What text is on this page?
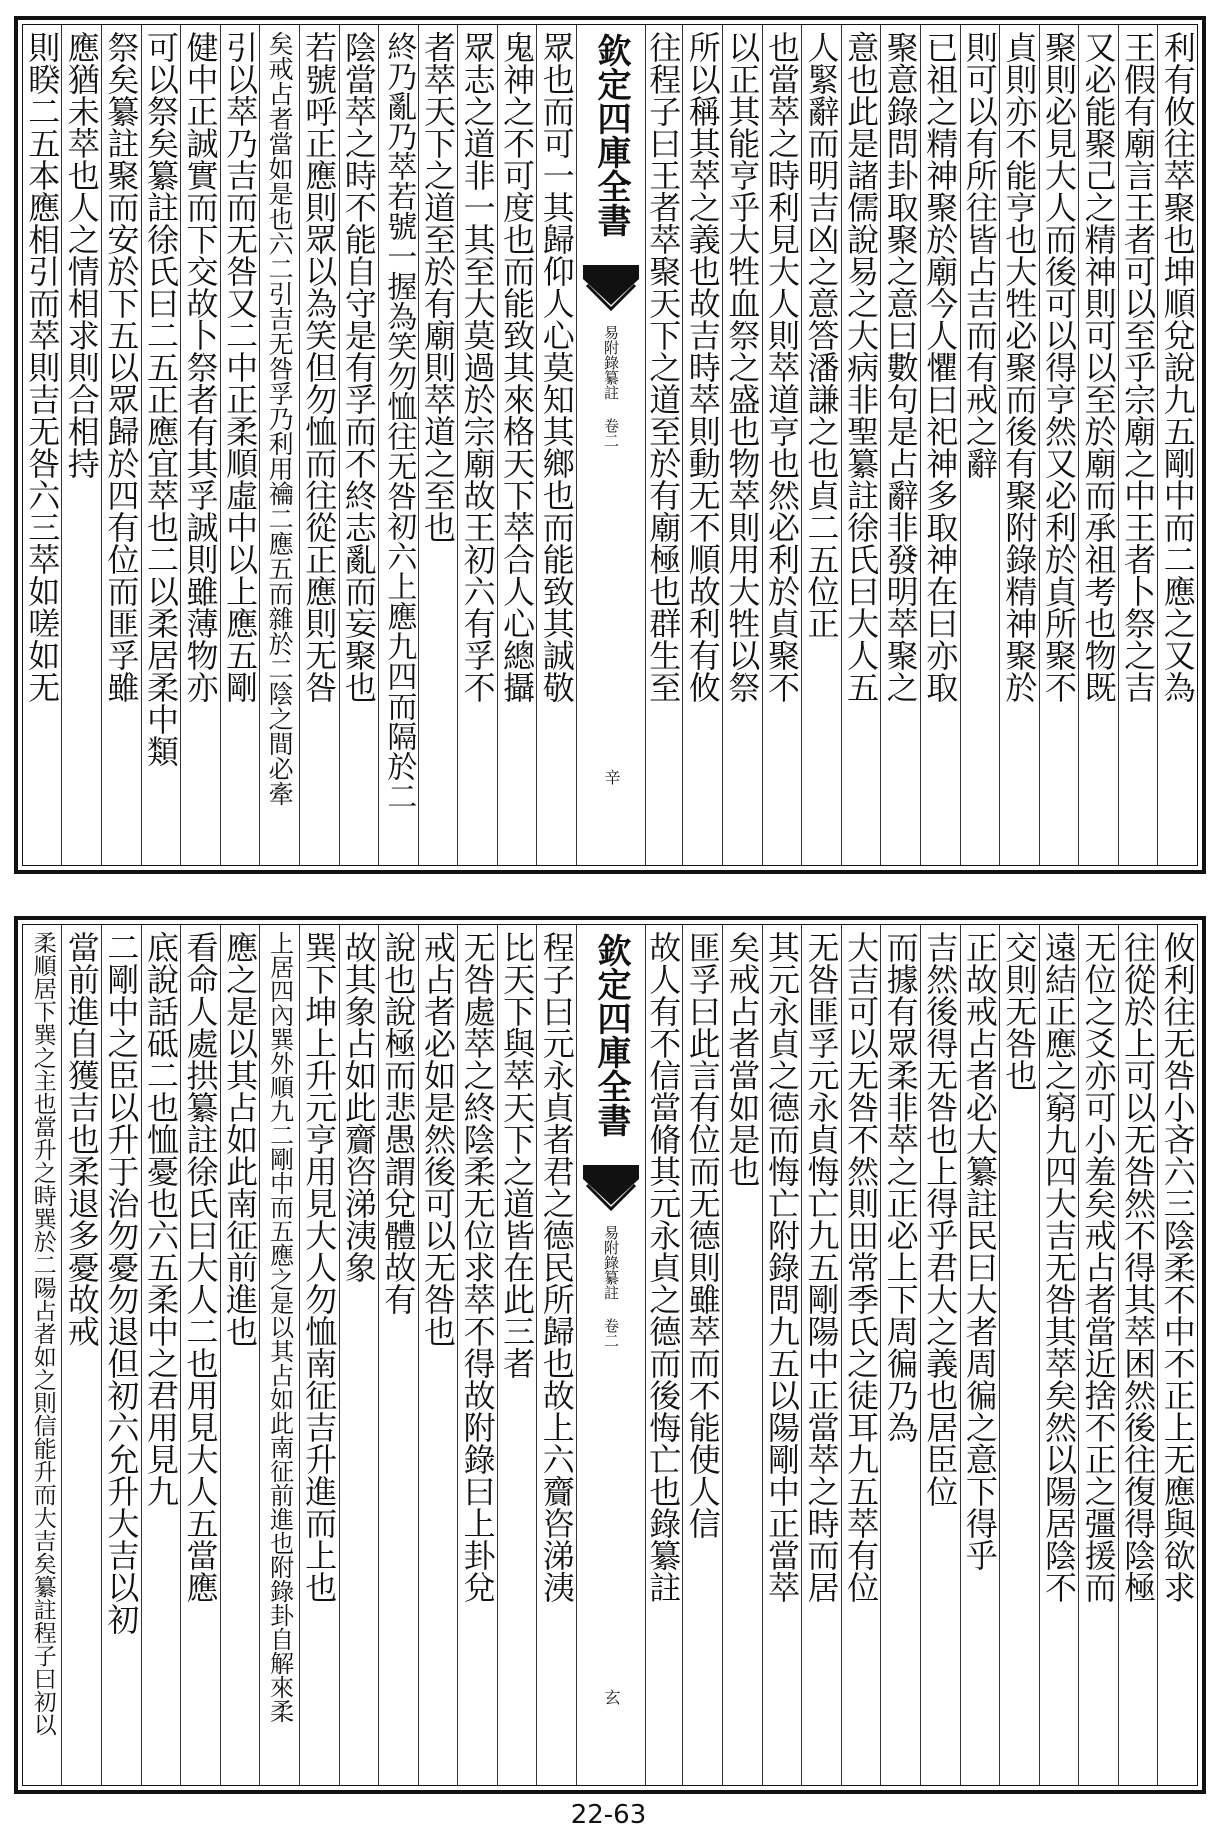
利有攸往萃聚也坤順兌說九五剛中而二應之又為
王假有廟言王者可以至乎宗廟之中王者卜祭之吉
又必能聚己之精神則可以至於廟而承祖考也物既
聚則必見大人而後可以得亨然又必利於貞所聚不
貞則亦不能亨也大牲必聚而後有聚附錄精神聚於
則可以有所往皆占吉而有戒之辭
已祖之精神聚於廟今人懼曰祀神多取神在曰亦取
聚意錄問卦取聚之意曰數句是占辭非發明萃聚之
意也此是諸儒說易之大病非聖纂註徐氏曰大人五
人緊辭而明吉凶之意答潘謙之也貞二五位正
也當萃之時利見大人則萃道亨也然必利於貞聚不
以正其能亨乎大牲血祭之盛也物萃則用大牲以祭
所以稱其萃之義也故吉時萃則動无不順故利有攸
往程子曰王者萃聚天下之道至於有廟極也群生至
欽定四庫全書
易附錄纂註 卷二
辛
眾也而可一其歸仰人心莫知其鄉也而能致其誠敬
鬼神之不可度也而能致其來格天下萃合人心總攝
眾志之道非一其至大莫過於宗廟故王初六有孚不
者萃天下之道至於有廟則萃道之至也
終乃亂乃萃若號一握為笑勿恤往无咎初六上應九四而隔於二
陰當萃之時不能自守是有孚而不終志亂而妄聚也
若號呼正應則眾以為笑但勿恤而往從正應則无咎
矣戒占者當如是也六二引吉无咎孚乃利用禴二應五而雜於二陰之間必牽
引以萃乃吉而无咎又二中正柔順虛中以上應五剛
健中正誠實而下交故卜祭者有其孚誠則雖薄物亦
可以祭矣纂註徐氏曰二五正應宜萃也二以柔居柔中類
祭矣纂註聚而安於下五以眾歸於四有位而匪孚雖
應猶未萃也人之情相求則合相持
則睽二五本應相引而萃則吉无咎六三萃如嗟如无
攸利往无咎小吝六三陰柔不中不正上无應與欲求
往從於上可以无咎然不得其萃困然後往復得陰極
无位之爻亦可小羞矣戒占者當近捨不正之彊援而
遠結正應之窮九四大吉无咎其萃矣然以陽居陰不
交則无咎也
正故戒占者必大纂註民曰大者周徧之意下得乎
吉然後得无咎也上得乎君大之義也居臣位
而據有眾柔非萃之正必上下周徧乃為
大吉可以无咎不然則田常季氏之徒耳九五萃有位
无咎匪孚元永貞悔亡九五剛陽中正當萃之時而居
其元永貞之德而悔亡附錄問九五以陽剛中正當萃
矣戒占者當如是也
匪孚曰此言有位而无德則雖萃而不能使人信
故人有不信當脩其元永貞之德而後悔亡也錄纂註
欽定四庫全書
易附錄纂註 卷二
玄
程子曰元永貞者君之德民所歸也故上六齎咨涕洟
比天下與萃天下之道皆在此三者
无咎處萃之終陰柔无位求萃不得故附錄曰上卦兌
戒占者必如是然後可以无咎也
說也說極而悲愚謂兌體故有
故其象占如此齎咨涕洟象
巽下坤上升元亨用見大人勿恤南征吉升進而上也
上居四內巽外順九二剛中而五應之是以其占如此南征前進也附錄卦自解來柔
應之是以其占如此南征前進也
看命人處拱纂註徐氏曰大人二也用見大人五當應
底說話砥二也恤憂也六五柔中之君用見九
二剛中之臣以升于治勿憂勿退但初六允升大吉以初
當前進自獲吉也柔退多憂故戒
柔順居下巽之主也當升之時巽於二陽占者如之則信能升而大吉矣纂註程子曰初以
22-63
